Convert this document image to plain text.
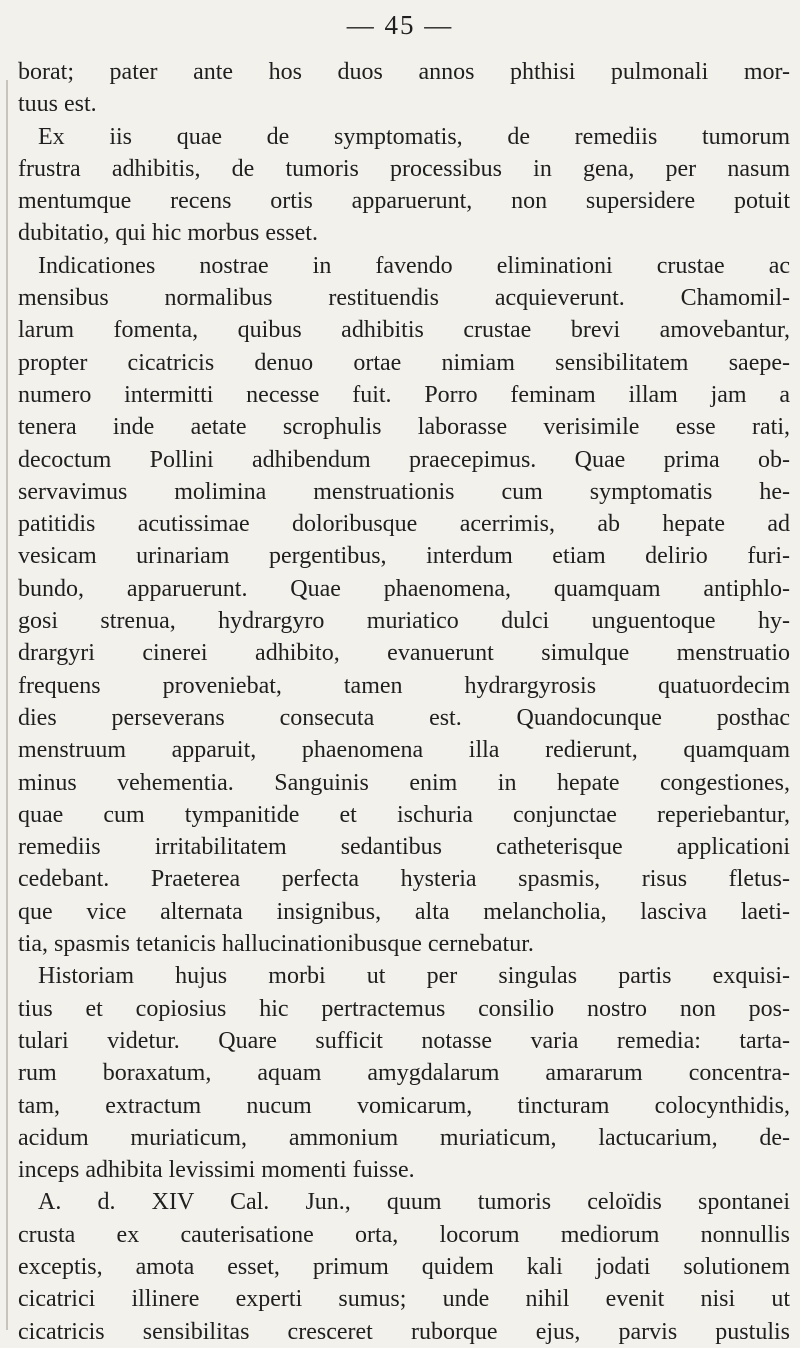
— 45 —
borat; pater ante hos duos annos phthisi pulmonali mor-
tuus est.
Ex iis quae de symptomatis, de remediis tumorum
frustra adhibitis, de tumoris processibus in gena, per nasum
mentumque recens ortis apparuerunt, non supersidere potuit
dubitatio, qui hic morbus esset.
Indicationes nostrae in favendo eliminationi crustae ac
mensibus normalibus restituendis acquieverunt. Chamomil-
larum fomenta, quibus adhibitis crustae brevi amovebantur,
propter cicatricis denuo ortae nimiam sensibilitatem saepe-
numero intermitti necesse fuit. Porro feminam illam jam a
tenera inde aetate scrophulis laborasse verisimile esse rati,
decoctum Pollini adhibendum praecepimus. Quae prima ob-
servavimus molimina menstruationis cum symptomatis he-
patitidis acutissimae doloribusque acerrimis, ab hepate ad
vesicam urinariam pergentibus, interdum etiam delirio furi-
bundo, apparuerunt. Quae phaenomena, quamquam antiphlo-
gosi strenua, hydrargyro muriatico dulci unguentoque hy-
drargyri cinerei adhibito, evanuerunt simulque menstruatio
frequens proveniebat, tamen hydrargyrosis quatuordecim
dies perseverans consecuta est. Quandocunque posthac
menstruum apparuit, phaenomena illa redierunt, quamquam
minus vehementia. Sanguinis enim in hepate congestiones,
quae cum tympanitide et ischuria conjunctae reperiebantur,
remediis irritabilitatem sedantibus catheterisque applicationi
cedebant. Praeterea perfecta hysteria spasmis, risus fletus-
que vice alternata insignibus, alta melancholia, lasciva laeti-
tia, spasmis tetanicis hallucinationibusque cernebatur.
Historiam hujus morbi ut per singulas partis exquisi-
tius et copiosius hic pertractemus consilio nostro non pos-
tulari videtur. Quare sufficit notasse varia remedia: tarta-
rum boraxatum, aquam amygdalarum amararum concentra-
tam, extractum nucum vomicarum, tincturam colocynthidis,
acidum muriaticum, ammonium muriaticum, lactucarium, de-
inceps adhibita levissimi momenti fuisse.
A. d. XIV Cal. Jun., quum tumoris celoïdis spontanei
crusta ex cauterisatione orta, locorum mediorum nonnullis
exceptis, amota esset, primum quidem kali jodati solutionem
cicatrici illinere experti sumus; unde nihil evenit nisi ut
cicatricis sensibilitas cresceret ruborque ejus, parvis pustulis
